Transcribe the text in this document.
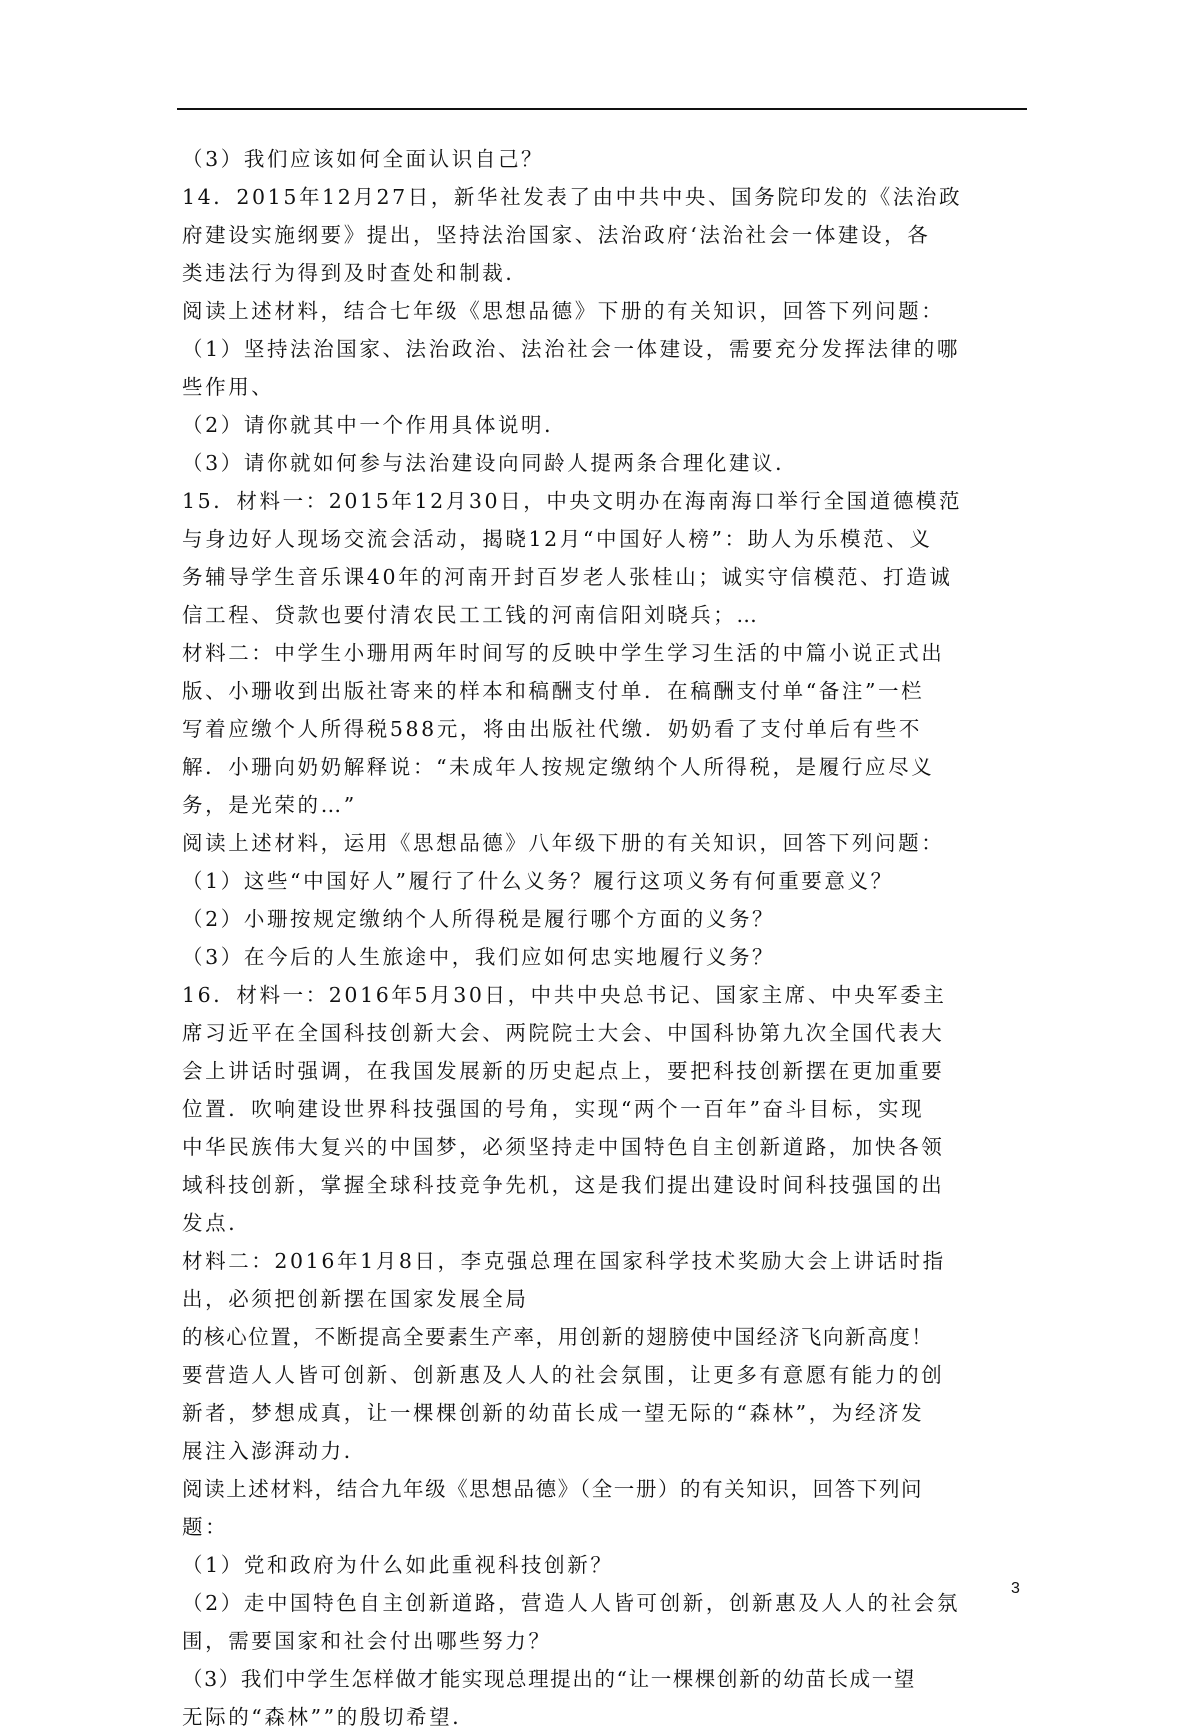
（3）我们应该如何全面认识自己？
14．2015年12月27日，新华社发表了由中共中央、国务院印发的《法治政
府建设实施纲要》提出，坚持法治国家、法治政府‘法治社会一体建设，各
类违法行为得到及时查处和制裁．
阅读上述材料，结合七年级《思想品德》下册的有关知识，回答下列问题：
（1）坚持法治国家、法治政治、法治社会一体建设，需要充分发挥法律的哪
些作用、
（2）请你就其中一个作用具体说明．
（3）请你就如何参与法治建设向同龄人提两条合理化建议．
15．材料一：2015年12月30日，中央文明办在海南海口举行全国道德模范
与身边好人现场交流会活动，揭晓12月“中国好人榜”：助人为乐模范、义
务辅导学生音乐课40年的河南开封百岁老人张桂山；诚实守信模范、打造诚
信工程、贷款也要付清农民工工钱的河南信阳刘晓兵；…
材料二：中学生小珊用两年时间写的反映中学生学习生活的中篇小说正式出
版、小珊收到出版社寄来的样本和稿酬支付单．在稿酬支付单“备注”一栏
写着应缴个人所得税588元，将由出版社代缴．奶奶看了支付单后有些不
解．小珊向奶奶解释说：“未成年人按规定缴纳个人所得税，是履行应尽义
务，是光荣的…”
阅读上述材料，运用《思想品德》八年级下册的有关知识，回答下列问题：
（1）这些“中国好人”履行了什么义务？履行这项义务有何重要意义？
（2）小珊按规定缴纳个人所得税是履行哪个方面的义务？
（3）在今后的人生旅途中，我们应如何忠实地履行义务？
16．材料一：2016年5月30日，中共中央总书记、国家主席、中央军委主
席习近平在全国科技创新大会、两院院士大会、中国科协第九次全国代表大
会上讲话时强调，在我国发展新的历史起点上，要把科技创新摆在更加重要
位置．吹响建设世界科技强国的号角，实现“两个一百年”奋斗目标，实现
中华民族伟大复兴的中国梦，必须坚持走中国特色自主创新道路，加快各领
域科技创新，掌握全球科技竞争先机，这是我们提出建设时间科技强国的出
发点．
材料二：2016年1月8日，李克强总理在国家科学技术奖励大会上讲话时指
出，必须把创新摆在国家发展全局
的核心位置，不断提高全要素生产率，用创新的翅膀使中国经济飞向新高度！
要营造人人皆可创新、创新惠及人人的社会氛围，让更多有意愿有能力的创
新者，梦想成真，让一棵棵创新的幼苗长成一望无际的“森林”，为经济发
展注入澎湃动力．
阅读上述材料，结合九年级《思想品德》（全一册）的有关知识，回答下列问
题：
（1）党和政府为什么如此重视科技创新？
（2）走中国特色自主创新道路，营造人人皆可创新，创新惠及人人的社会氛
围，需要国家和社会付出哪些努力？
（3）我们中学生怎样做才能实现总理提出的“让一棵棵创新的幼苗长成一望
无际的“森林””的殷切希望．
3
